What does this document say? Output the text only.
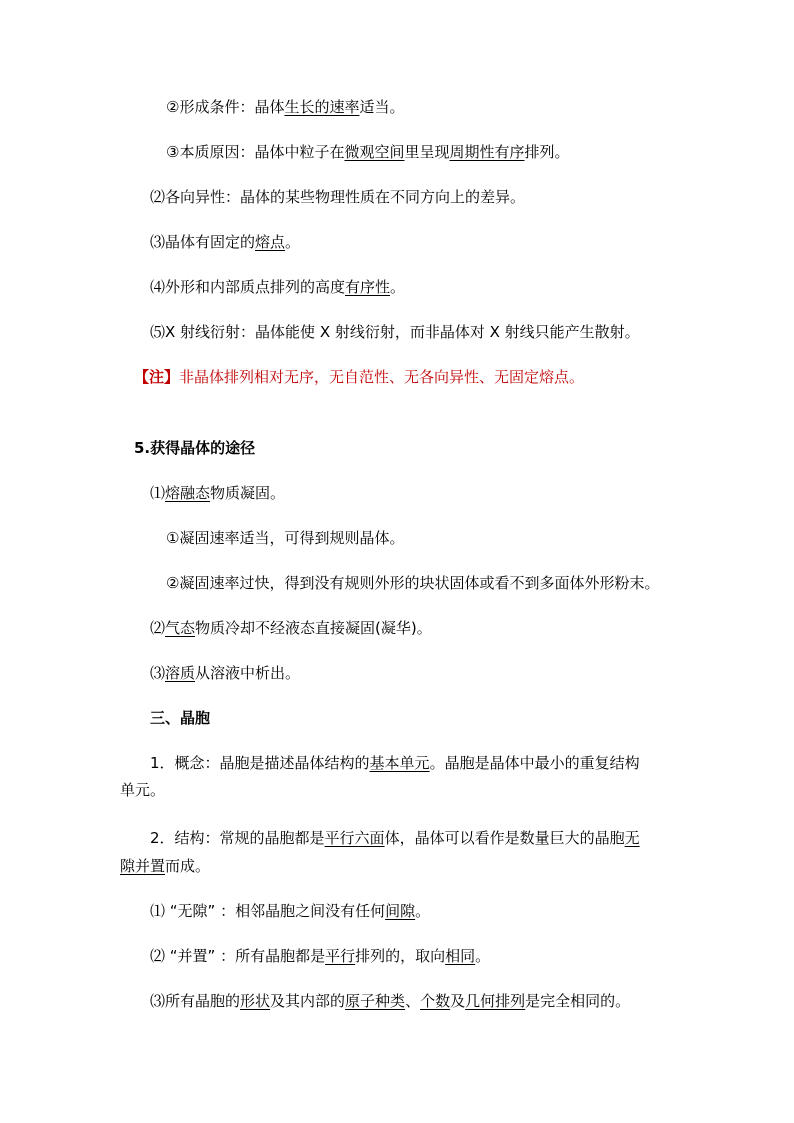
②形成条件：晶体生长的速率适当。
③本质原因：晶体中粒子在微观空间里呈现周期性有序排列。
⑵各向异性：晶体的某些物理性质在不同方向上的差异。
⑶晶体有固定的熔点。
⑷外形和内部质点排列的高度有序性。
⑸X 射线衍射：晶体能使 X 射线衍射，而非晶体对 X 射线只能产生散射。
【注】非晶体排列相对无序，无自范性、无各向异性、无固定熔点。
5.获得晶体的途径
⑴熔融态物质凝固。
①凝固速率适当，可得到规则晶体。
②凝固速率过快，得到没有规则外形的块状固体或看不到多面体外形粉末。
⑵气态物质冷却不经液态直接凝固(凝华)。
⑶溶质从溶液中析出。
三、晶胞
1．概念：晶胞是描述晶体结构的基本单元。晶胞是晶体中最小的重复结构
单元。
2．结构：常规的晶胞都是平行六面体，晶体可以看作是数量巨大的晶胞无
隙并置而成。
⑴ “无隙” ：相邻晶胞之间没有任何间隙。
⑵ “并置” ：所有晶胞都是平行排列的，取向相同。
⑶所有晶胞的形状及其内部的原子种类、个数及几何排列是完全相同的。
